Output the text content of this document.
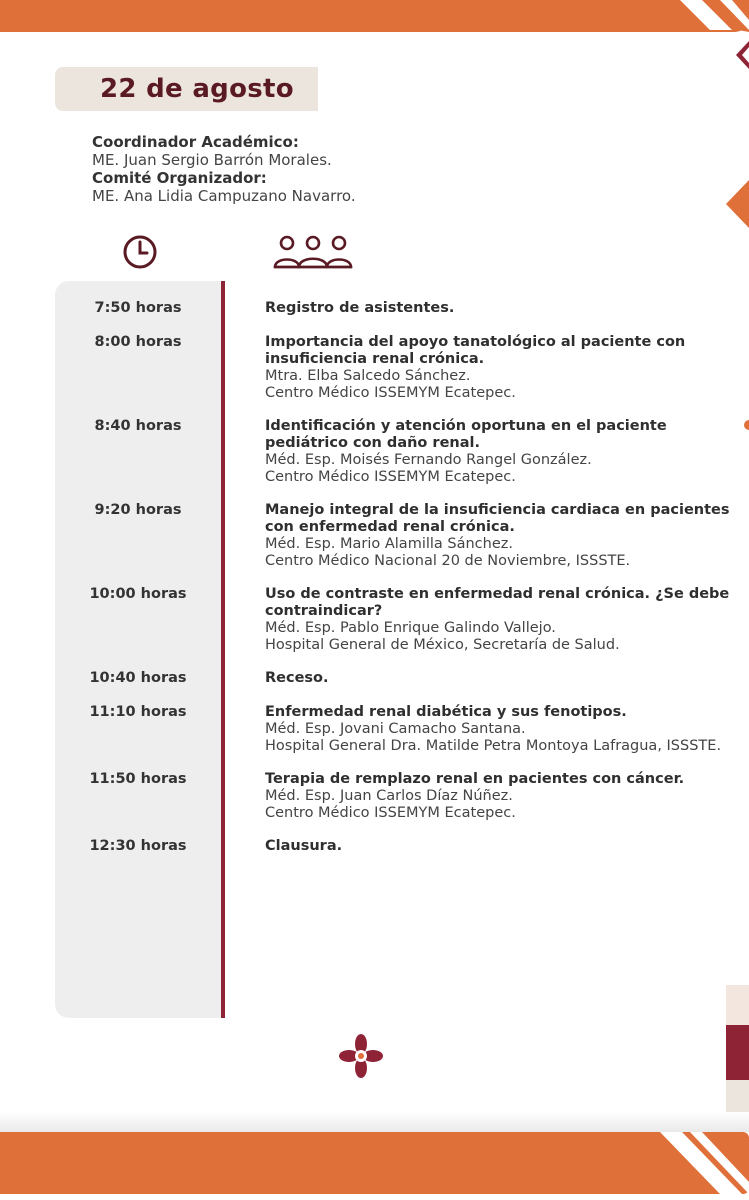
22 de agosto
Coordinador Académico:
ME. Juan Sergio Barrón Morales.
Comité Organizador:
ME. Ana Lidia Campuzano Navarro.
7:50 horas	Registro de asistentes.
8:00 horas	Importancia del apoyo tanatológico al paciente con insuficiencia renal crónica.
Mtra. Elba Salcedo Sánchez.
Centro Médico ISSEMYM Ecatepec.
8:40 horas	Identificación y atención oportuna en el paciente pediátrico con daño renal.
Méd. Esp. Moisés Fernando Rangel González.
Centro Médico ISSEMYM Ecatepec.
9:20 horas	Manejo integral de la insuficiencia cardiaca en pacientes con enfermedad renal crónica.
Méd. Esp. Mario Alamilla Sánchez.
Centro Médico Nacional 20 de Noviembre, ISSSTE.
10:00 horas	Uso de contraste en enfermedad renal crónica. ¿Se debe contraindicar?
Méd. Esp. Pablo Enrique Galindo Vallejo.
Hospital General de México, Secretaría de Salud.
10:40 horas	Receso.
11:10 horas	Enfermedad renal diabética y sus fenotipos.
Méd. Esp. Jovani Camacho Santana.
Hospital General Dra. Matilde Petra Montoya Lafragua, ISSSTE.
11:50 horas	Terapia de remplazo renal en pacientes con cáncer.
Méd. Esp. Juan Carlos Díaz Núñez.
Centro Médico ISSEMYM Ecatepec.
12:30 horas	Clausura.
